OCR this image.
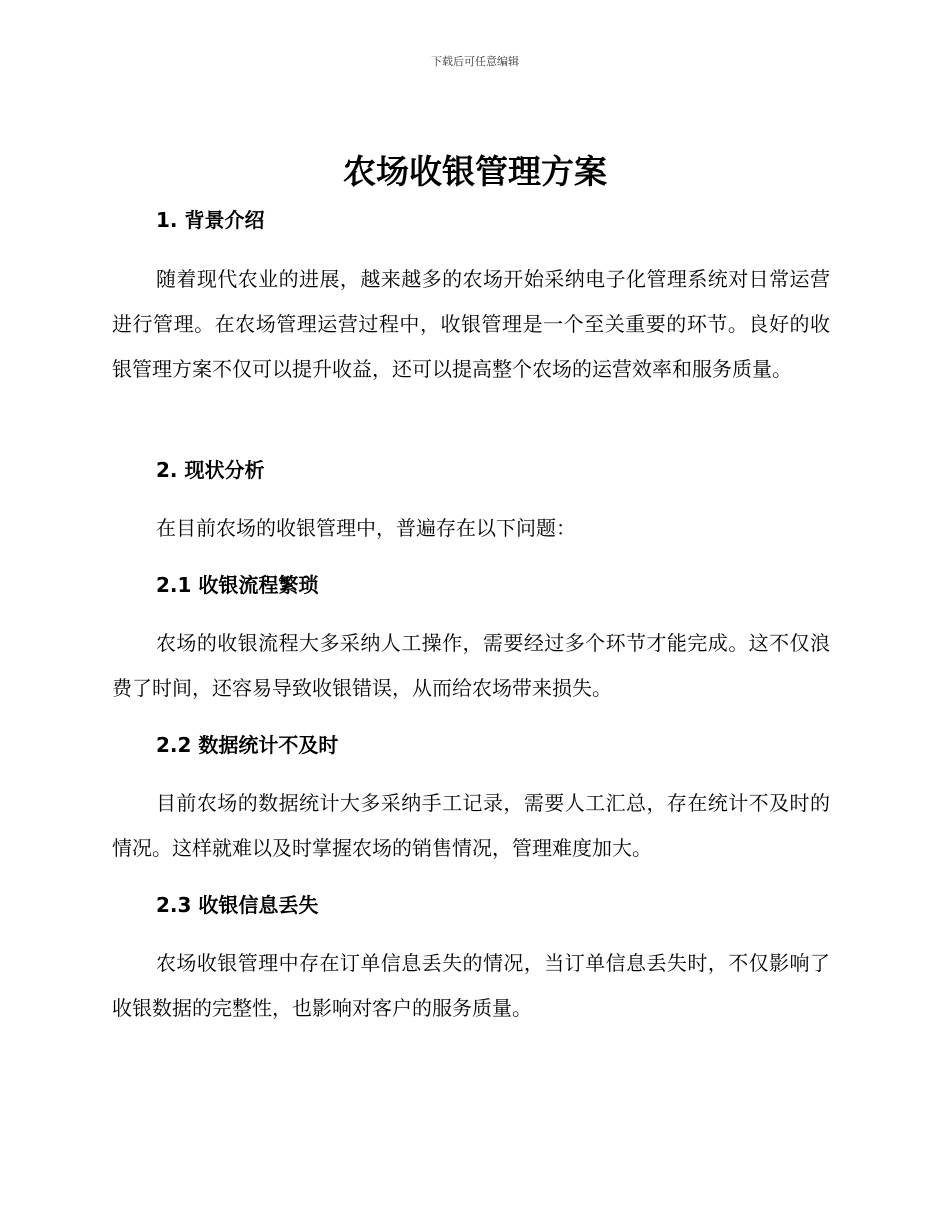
下载后可任意编辑
农场收银管理方案
1. 背景介绍

随着现代农业的进展，越来越多的农场开始采纳电子化管理系统对日常运营进行管理。在农场管理运营过程中，收银管理是一个至关重要的环节。良好的收银管理方案不仅可以提升收益，还可以提高整个农场的运营效率和服务质量。

2. 现状分析

在目前农场的收银管理中，普遍存在以下问题：

2.1 收银流程繁琐

农场的收银流程大多采纳人工操作，需要经过多个环节才能完成。这不仅浪费了时间，还容易导致收银错误，从而给农场带来损失。

2.2 数据统计不及时

目前农场的数据统计大多采纳手工记录，需要人工汇总，存在统计不及时的情况。这样就难以及时掌握农场的销售情况，管理难度加大。

2.3 收银信息丢失

农场收银管理中存在订单信息丢失的情况，当订单信息丢失时，不仅影响了收银数据的完整性，也影响对客户的服务质量。
